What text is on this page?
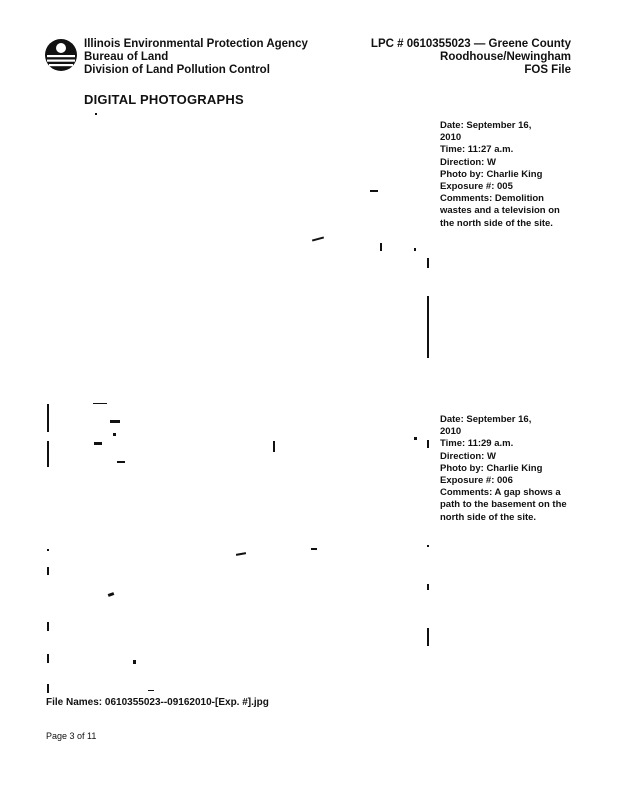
Illinois Environmental Protection Agency
Bureau of Land
Division of Land Pollution Control
LPC # 0610355023 — Greene County
Roodhouse/Newingham
FOS File
DIGITAL PHOTOGRAPHS
Date: September 16,
2010
Time: 11:27 a.m.
Direction: W
Photo by: Charlie King
Exposure #: 005
Comments: Demolition wastes and a television on the north side of the site.
Date: September 16,
2010
Time: 11:29 a.m.
Direction: W
Photo by: Charlie King
Exposure #: 006
Comments: A gap shows a path to the basement on the north side of the site.
File Names: 0610355023--09162010-[Exp. #].jpg
Page 3 of 11
